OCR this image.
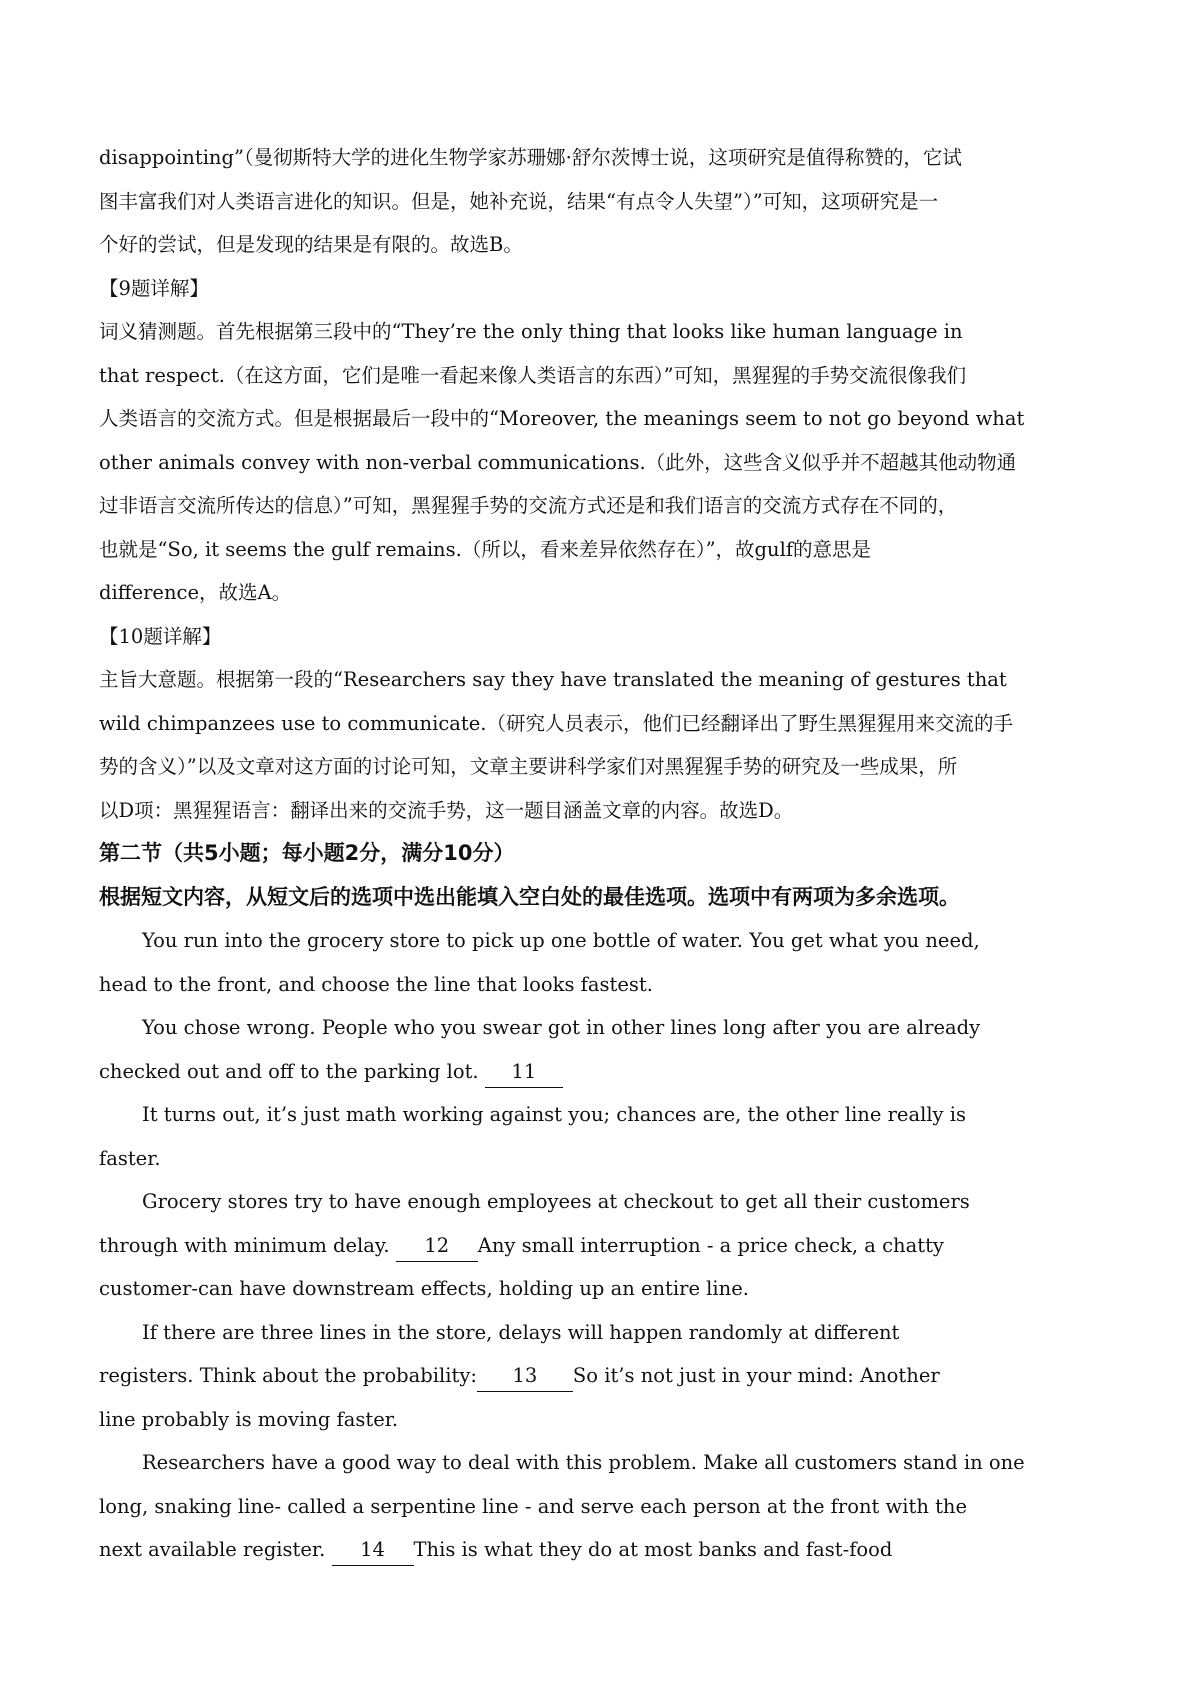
disappointing”（曼彻斯特大学的进化生物学家苏珊娜·舒尔茨博士说，这项研究是值得称赞的，它试
图丰富我们对人类语言进化的知识。但是，她补充说，结果“有点令人失望”）”可知，这项研究是一
个好的尝试，但是发现的结果是有限的。故选B。
【9题详解】
词义猜测题。首先根据第三段中的“They’re the only thing that looks like human language in
that respect.（在这方面，它们是唯一看起来像人类语言的东西）”可知，黑猩猩的手势交流很像我们
人类语言的交流方式。但是根据最后一段中的“Moreover, the meanings seem to not go beyond what
other animals convey with non-verbal communications.（此外，这些含义似乎并不超越其他动物通
过非语言交流所传达的信息）”可知，黑猩猩手势的交流方式还是和我们语言的交流方式存在不同的，
也就是“So, it seems the gulf remains.（所以，看来差异依然存在）”，故gulf的意思是
difference，故选A。
【10题详解】
主旨大意题。根据第一段的“Researchers say they have translated the meaning of gestures that
wild chimpanzees use to communicate.（研究人员表示，他们已经翻译出了野生黑猩猩用来交流的手
势的含义）”以及文章对这方面的讨论可知，文章主要讲科学家们对黑猩猩手势的研究及一些成果，所
以D项：黑猩猩语言：翻译出来的交流手势，这一题目涵盖文章的内容。故选D。
第二节（共5小题；每小题2分，满分10分）
根据短文内容，从短文后的选项中选出能填入空白处的最佳选项。选项中有两项为多余选项。
You run into the grocery store to pick up one bottle of water. You get what you need,
head to the front, and choose the line that looks fastest.
You chose wrong. People who you swear got in other lines long after you are already
checked out and off to the parking lot. 11
It turns out, it’s just math working against you; chances are, the other line really is
faster.
Grocery stores try to have enough employees at checkout to get all their customers
through with minimum delay. 12 Any small interruption - a price check, a chatty
customer-can have downstream effects, holding up an entire line.
If there are three lines in the store, delays will happen randomly at different
registers. Think about the probability: 13 So it’s not just in your mind: Another
line probably is moving faster.
Researchers have a good way to deal with this problem. Make all customers stand in one
long, snaking line- called a serpentine line - and serve each person at the front with the
next available register. 14 This is what they do at most banks and fast-food
